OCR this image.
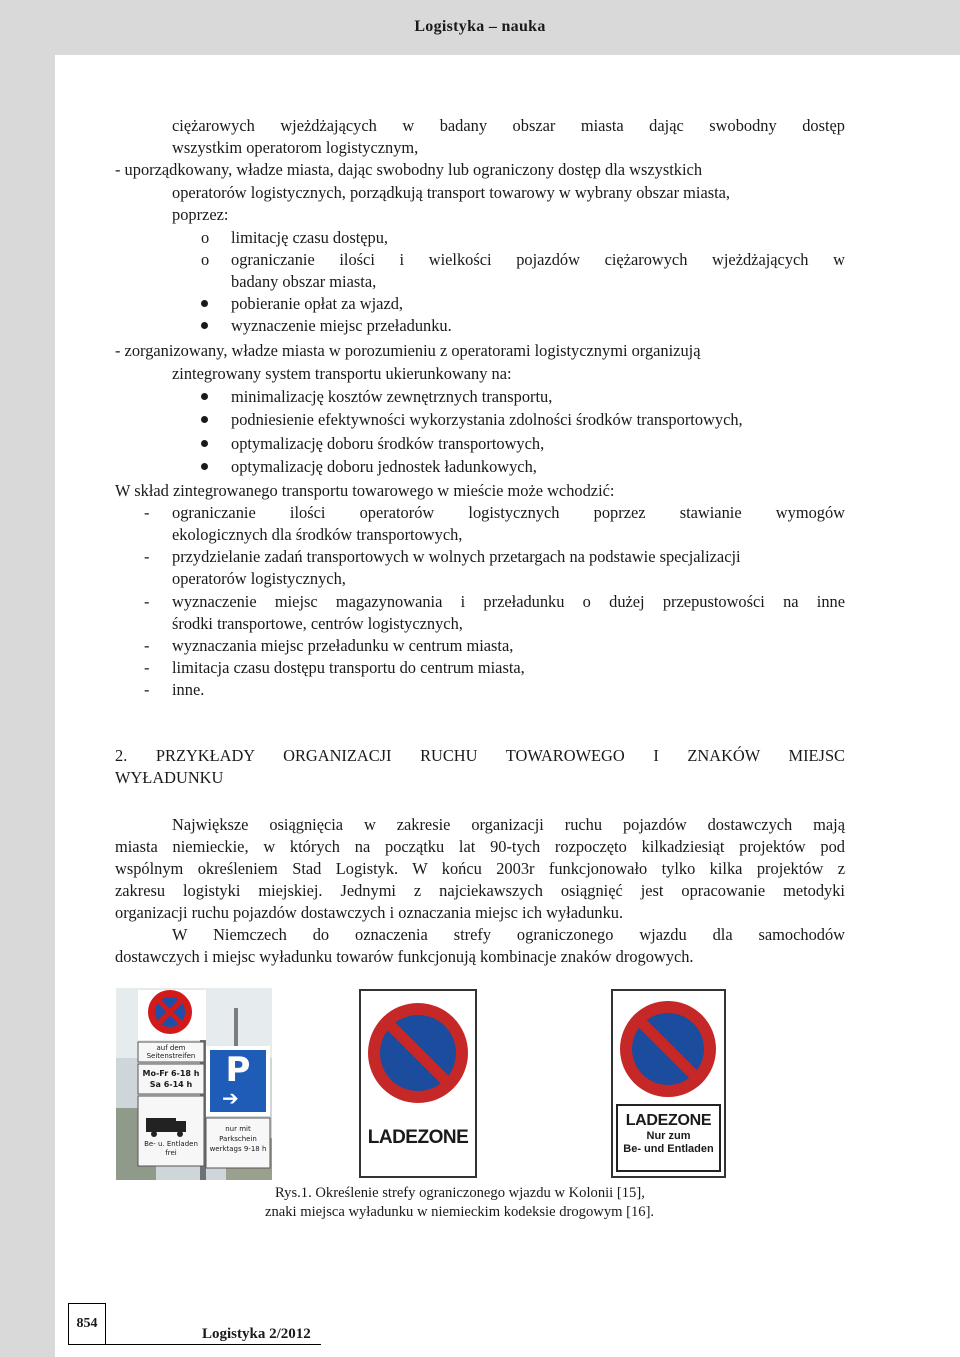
Logistyka – nauka
ciężarowych wjeżdżających w badany obszar miasta dając swobodny dostęp
wszystkim operatorom logistycznym,
- uporządkowany, władze miasta, dając swobodny lub ograniczony dostęp dla wszystkich
operatorów logistycznych, porządkują transport towarowy w wybrany obszar miasta,
poprzez:
o limitację czasu dostępu,
o ograniczanie ilości i wielkości pojazdów ciężarowych wjeżdżających w
badany obszar miasta,
pobieranie opłat za wjazd,
wyznaczenie miejsc przeładunku.
- zorganizowany, władze miasta w porozumieniu z operatorami logistycznymi organizują
zintegrowany system transportu ukierunkowany na:
minimalizację kosztów zewnętrznych transportu,
podniesienie efektywności wykorzystania zdolności środków transportowych,
optymalizację doboru środków transportowych,
optymalizację doboru jednostek ładunkowych,
W skład zintegrowanego transportu towarowego w mieście może wchodzić:
- ograniczanie ilości operatorów logistycznych poprzez stawianie wymogów
ekologicznych dla środków transportowych,
- przydzielanie zadań transportowych w wolnych przetargach na podstawie specjalizacji
operatorów logistycznych,
- wyznaczenie miejsc magazynowania i przeładunku o dużej przepustowości na inne
środki transportowe, centrów logistycznych,
- wyznaczania miejsc przeładunku w centrum miasta,
- limitacja czasu dostępu transportu do centrum miasta,
- inne.
2. PRZYKŁADY ORGANIZACJI RUCHU TOWAROWEGO I ZNAKÓW MIEJSC
WYŁADUNKU
Największe osiągnięcia w zakresie organizacji ruchu pojazdów dostawczych mają
miasta niemieckie, w których na początku lat 90-tych rozpoczęto kilkadziesiąt projektów pod
wspólnym określeniem Stad Logistyk. W końcu 2003r funkcjonowało tylko kilka projektów z
zakresu logistyki miejskiej. Jednymi z najciekawszych osiągnięć jest opracowanie metodyki
organizacji ruchu pojazdów dostawczych i oznaczania miejsc ich wyładunku.
W Niemczech do oznaczenia strefy ograniczonego wjazdu dla samochodów
dostawczych i miejsc wyładunku towarów funkcjonują kombinacje znaków drogowych.
auf dem
Seitenstreifen
Mo-Fr 6-18 h
Sa 6-14 h
Be- u. Entladen
frei
P
➔
nur mit
Parkschein
werktags 9-18 h
LADEZONE
LADEZONE
Nur zum
Be- und Entladen
Rys.1. Określenie strefy ograniczonego wjazdu w Kolonii [15],
znaki miejsca wyładunku w niemieckim kodeksie drogowym [16].
854
Logistyka 2/2012
